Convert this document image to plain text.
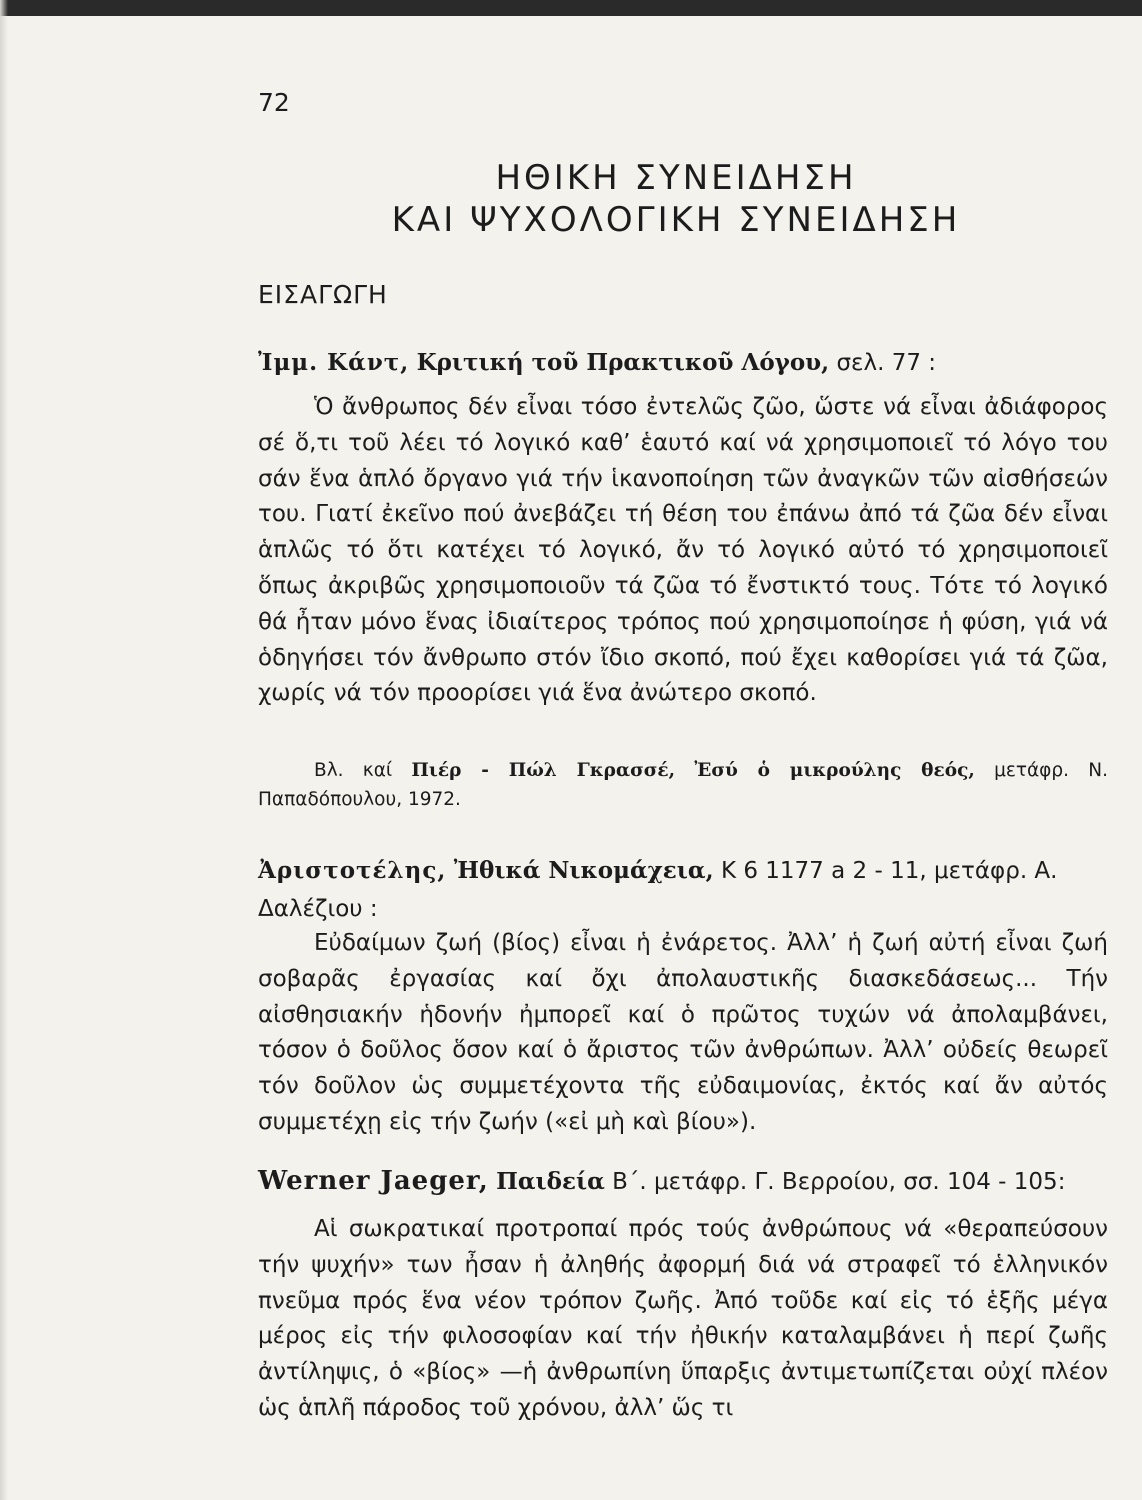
72
ΗΘΙΚΗ ΣΥΝΕΙΔΗΣΗ
ΚΑΙ ΨΥΧΟΛΟΓΙΚΗ ΣΥΝΕΙΔΗΣΗ
ΕΙΣΑΓΩΓΗ
Ἰμμ. Κάντ, Κριτική τοῦ Πρακτικοῦ Λόγου, σελ. 77 :

Ὁ ἄνθρωπος δέν εἶναι τόσο ἐντελῶς ζῶο, ὥστε νά εἶναι ἀδιάφορος σέ ὅ,τι τοῦ λέει τό λογικό καθ’ ἑαυτό καί νά χρησιμοποιεῖ τό λόγο του σάν ἕνα ἁπλό ὄργανο γιά τήν ἱκανοποίηση τῶν ἀναγκῶν τῶν αἰσθήσεών του. Γιατί ἐκεῖνο πού ἀνεβάζει τή θέση του ἐπάνω ἀπό τά ζῶα δέν εἶναι ἁπλῶς τό ὅτι κατέχει τό λογικό, ἄν τό λογικό αὐτό τό χρησιμοποιεῖ ὅπως ἀκριβῶς χρησιμοποιοῦν τά ζῶα τό ἔνστικτό τους. Τότε τό λογικό θά ἦταν μόνο ἕνας ἰδιαίτερος τρόπος πού χρησιμοποίησε ἡ φύση, γιά νά ὁδηγήσει τόν ἄνθρωπο στόν ἴδιο σκοπό, πού ἔχει καθορίσει γιά τά ζῶα, χωρίς νά τόν προορίσει γιά ἕνα ἀνώτερο σκοπό.

Βλ. καί Πιέρ - Πώλ Γκρασσέ, Ἐσύ ὁ μικρούλης θεός, μετάφρ. Ν. Παπαδόπουλου, 1972.

Ἀριστοτέλης, Ἠθικά Νικομάχεια, Κ 6 1177 a 2 - 11, μετάφρ. Α. Δαλέζιου :

Εὐδαίμων ζωή (βίος) εἶναι ἡ ἐνάρετος. Ἀλλ’ ἡ ζωή αὐτή εἶναι ζωή σοβαρᾶς ἐργασίας καί ὄχι ἀπολαυστικῆς διασκεδάσεως... Τήν αἰσθησιακήν ἡδονήν ἠμπορεῖ καί ὁ πρῶτος τυχών νά ἀπολαμβάνει, τόσον ὁ δοῦλος ὅσον καί ὁ ἄριστος τῶν ἀνθρώπων. Ἀλλ’ οὐδείς θεωρεῖ τόν δοῦλον ὡς συμμετέχοντα τῆς εὐδαιμονίας, ἐκτός καί ἄν αὐτός συμμετέχῃ εἰς τήν ζωήν («εἰ μὴ καὶ βίου»).

Werner Jaeger, Παιδεία Β΄. μετάφρ. Γ. Βερροίου, σσ. 104 - 105:

Αἱ σωκρατικαί προτροπαί πρός τούς ἀνθρώπους νά «θεραπεύσουν τήν ψυχήν» των ἦσαν ἡ ἀληθής ἀφορμή διά νά στραφεῖ τό ἑλληνικόν πνεῦμα πρός ἕνα νέον τρόπον ζωῆς. Ἀπό τοῦδε καί εἰς τό ἑξῆς μέγα μέρος εἰς τήν φιλοσοφίαν καί τήν ἠθικήν καταλαμβάνει ἡ περί ζωῆς ἀντίληψις, ὁ «βίος» —ἡ ἀνθρωπίνη ὕπαρξις ἀντιμετωπίζεται οὐχί πλέον ὡς ἁπλῆ πάροδος τοῦ χρόνου, ἀλλ’ ὥς τι
